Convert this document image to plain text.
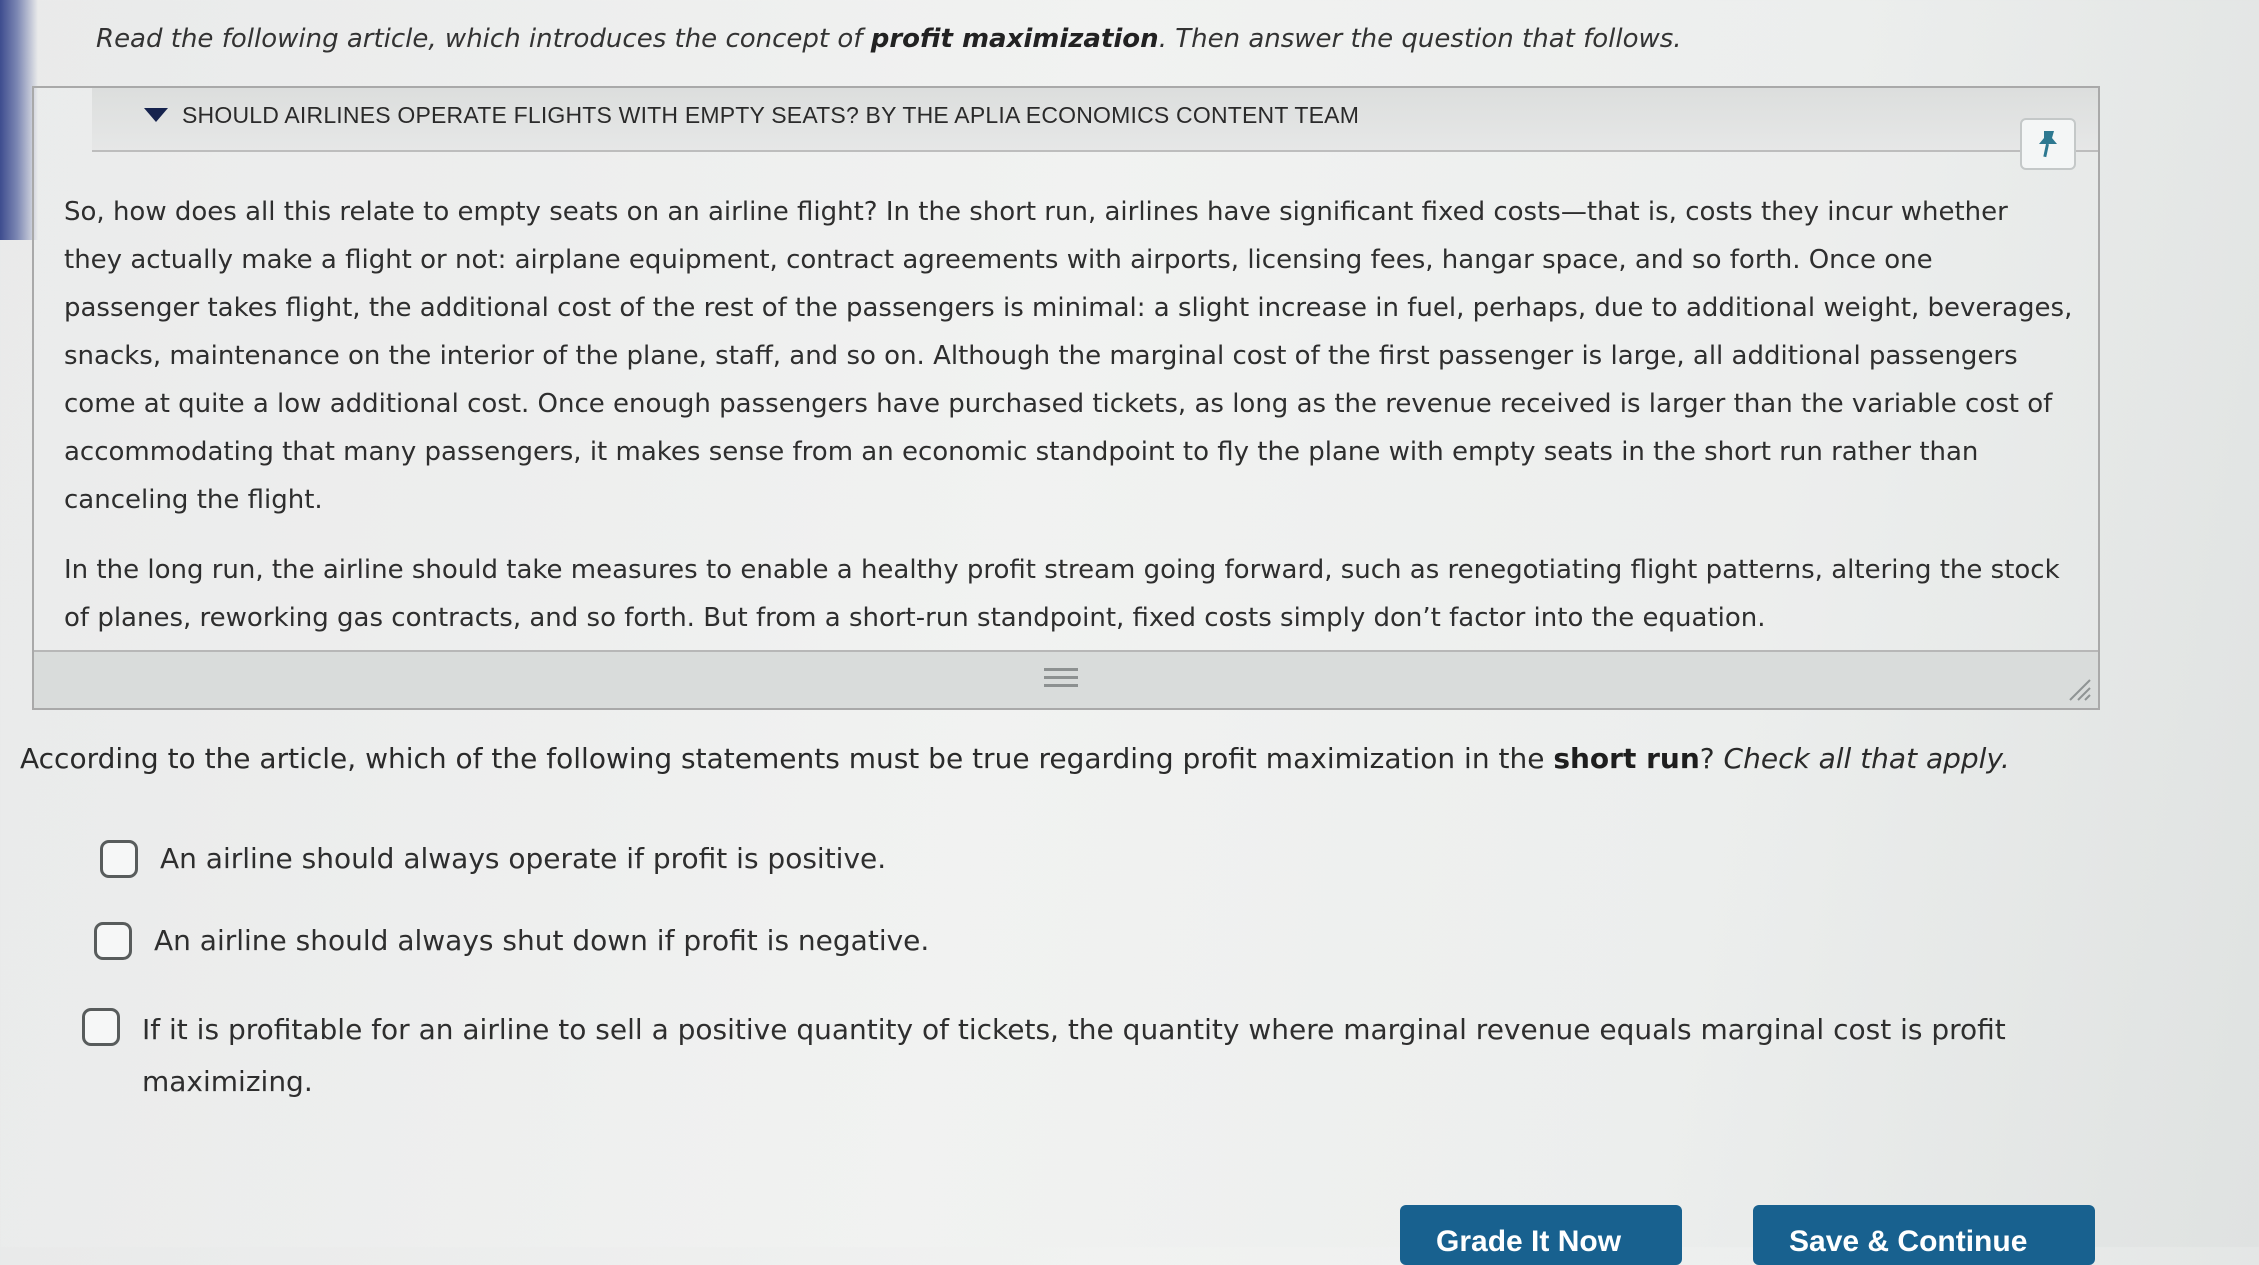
Read the following article, which introduces the concept of profit maximization. Then answer the question that follows.
SHOULD AIRLINES OPERATE FLIGHTS WITH EMPTY SEATS? BY THE APLIA ECONOMICS CONTENT TEAM

So, how does all this relate to empty seats on an airline flight? In the short run, airlines have significant fixed costs—that is, costs they incur whether they actually make a flight or not: airplane equipment, contract agreements with airports, licensing fees, hangar space, and so forth. Once one passenger takes flight, the additional cost of the rest of the passengers is minimal: a slight increase in fuel, perhaps, due to additional weight, beverages, snacks, maintenance on the interior of the plane, staff, and so on. Although the marginal cost of the first passenger is large, all additional passengers come at quite a low additional cost. Once enough passengers have purchased tickets, as long as the revenue received is larger than the variable cost of accommodating that many passengers, it makes sense from an economic standpoint to fly the plane with empty seats in the short run rather than canceling the flight.

In the long run, the airline should take measures to enable a healthy profit stream going forward, such as renegotiating flight patterns, altering the stock of planes, reworking gas contracts, and so forth. But from a short-run standpoint, fixed costs simply don’t factor into the equation.

According to the article, which of the following statements must be true regarding profit maximization in the short run? Check all that apply.
An airline should always operate if profit is positive.
An airline should always shut down if profit is negative.
If it is profitable for an airline to sell a positive quantity of tickets, the quantity where marginal revenue equals marginal cost is profit maximizing.
Grade It Now	Save & Continue
